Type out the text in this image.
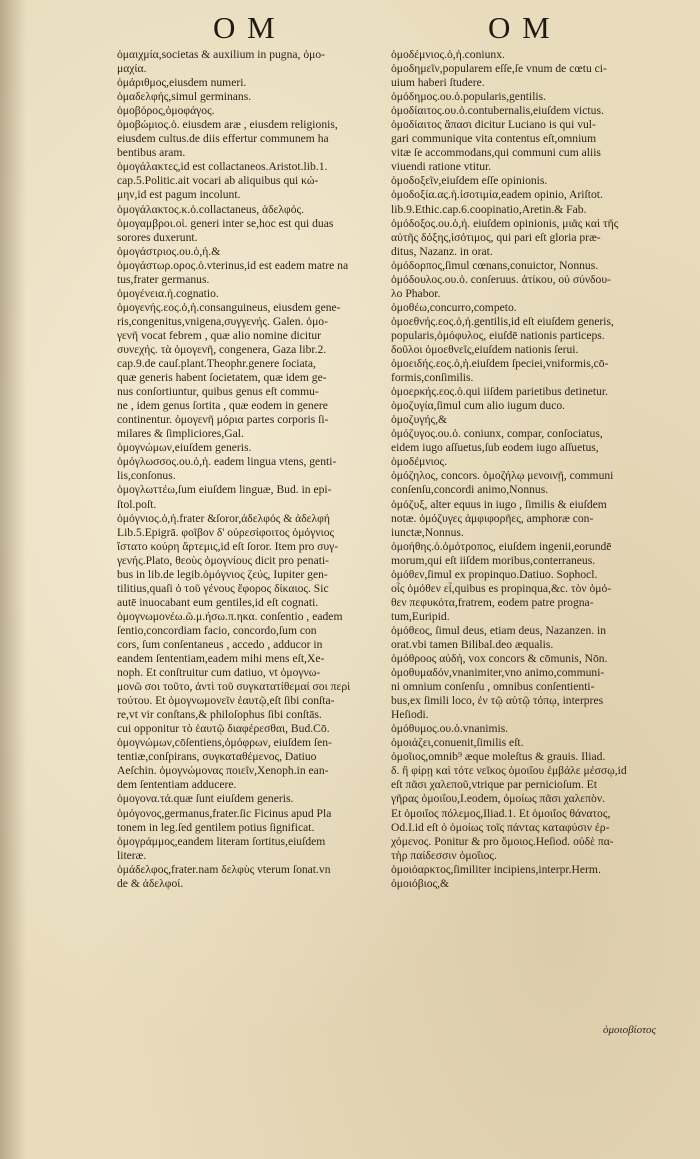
O M	O M
ὁμαιχμία,societas & auxilium in pugna, ὁμο-
μαχία.
ὁμάριθμος,eiusdem numeri.
ὁμαδελφής,simul germinans.
ὁμοβόρος,ὁμοφάγος.
ὁμοβώμιος.ὁ. eiusdem aræ , eiusdem religionis,
eiusdem cultus.de diis effertur communem ha
bentibus aram.
ὁμογάλακτες,id est collactaneos.Aristot.lib.1.
cap.5.Politic.ait vocari ab aliquibus qui κώ-
μην,id est pagum incolunt.
ὁμογάλακτος.κ.ὁ.collactaneus, ἀδελφός.
ὁμογαμβροι.οἱ. generi inter se,hoc est qui duas
sorores duxerunt.
ὁμογάστριος.ου.ὁ,ἡ.&
ὁμογάστωρ.ορος.ὁ.vterinus,id est eadem matre na
tus,frater germanus.
ὁμογένεια.ἡ.cognatio.
ὁμογενής.εος.ὁ,ἡ.consanguineus, eiusdem gene-
ris,congenitus,vnigena,συγγενής. Galen. ὁμο-
γενῆ vocat febrem , quæ alio nomine dicitur
συνεχής. τὰ ὁμογενῆ, congenera, Gaza libr.2.
cap.9.de cauſ.plant.Theophr.genere ſociata,
quæ generis habent ſocietatem, quæ idem ge-
nus conſortiuntur, quibus genus eſt commu-
ne , idem genus ſortita , quæ eodem in genere
continentur. ὁμογενῆ μόρια partes corporis ſi-
milares & ſimpliciores,Gal.
ὁμογνώμων,eiuſdem generis.
ὁμόγλωσσος.ου.ὁ,ἡ. eadem lingua vtens, genti-
lis,conſonus.
ὁμογλωττέω,ſum eiuſdem linguæ, Bud. in epi-
ſtol.poſt.
ὁμόγνιος.ὁ,ἡ.frater &ſoror,ἀδελφός & ἀδελφή
Lib.5.Epigrā. φοῖβον δ' οὐρεσίφοιτος ὁμόγνιος
ἵστατο κούρη ἄρτεμις,id eſt ſoror. Item pro συγ-
γενής.Plato, θεοὺς ὁμογνίους dicit pro penati-
bus in lib.de legib.ὁμόγνιος ζεύς, Iupiter gen-
tilitius,quaſi ὁ τοῦ γένους ἔφορος δίκαιος. Sic
autē inuocabant eum gentiles,id eſt cognati.
ὁμογνωμονέω.ῶ.μ.ήσω.π.ηκα. conſentio , eadem
ſentio,concordiam facio, concordo,ſum con
cors, ſum conſentaneus , accedo , adducor in
eandem ſententiam,eadem mihi mens eſt,Xe-
noph. Et conſtruitur cum datiuo, vt ὁμογνω-
μονῶ σοι τοῦτο, ἀντὶ τοῦ συγκατατίθεμαί σοι περὶ
τούτου. Et ὁμογνωμονεῖν ἑαυτῷ,eſt ſibi conſta-
re,vt vir conſtans,& philoſophus ſibi conſtās.
cui opponitur τὸ ἑαυτῷ διαφέρεσθαι, Bud.Cō.
ὁμογνώμων,cōſentiens,ὁμόφρων, eiuſdem ſen-
tentiæ,conſpirans, συγκαταθέμενος, Datiuo
Aeſchin. ὁμογνώμονας ποιεῖν,Xenoph.in ean-
dem ſententiam adducere.
ὁμογονα.τά.quæ ſunt eiuſdem generis.
ὁμόγονος,germanus,frater.ſic Ficinus apud Pla
tonem in leg.ſed gentilem potius ſignificat.
ὁμογράμμος,eandem literam ſortitus,eiuſdem
literæ.
ὁμάδελφος,frater.nam δελφὺς vterum ſonat.vn
de & ἀδελφοί.
ὁμοδέμνιος.ὁ,ἡ.coniunx.
ὁμοδημεῖν,popularem eſſe,ſe vnum de cœtu ci-
uium haberi ſtudere.
ὁμόδημος.ου.ὁ.popularis,gentilis.
ὁμοδίαιτος.ου.ὁ.contubernalis,eiuſdem victus.
ὁμοδίαιτος ἅπασι dicitur Luciano is qui vul-
gari communique vita contentus eſt,omnium
vitæ ſe accommodans,qui communi cum aliis
viuendi ratione vtitur.
ὁμοδοξεῖν,eiuſdem eſſe opinionis.
ὁμοδοξία.ας.ἡ.ἰσοτιμία,eadem opinio, Ariſtot.
lib.9.Ethic.cap.6.coopinatio,Aretin.& Fab.
ὁμόδοξος.ου.ὁ,ἡ. eiuſdem opinionis, μιᾶς καὶ τῆς
αὐτῆς δόξης,ἰσότιμος, qui pari eſt gloria præ-
ditus, Nazanz. in orat.
ὁμόδορπος,ſimul cœnans,conuictor, Nonnus.
ὁμόδουλος.ου.ὁ. conſeruus. ἀτίκου, οὐ σύνδου-
λο Phabor.
ὁμοθέω,concurro,competo.
ὁμοεθνής.εος.ὁ,ἡ.gentilis,id eſt eiuſdem generis,
popularis,ὁμόφυλος, eiuſdē nationis particeps.
δοῦλοι ὁμοεθνεῖς,eiuſdem nationis ſerui.
ὁμοειδής.εος.ὁ,ἡ.eiuſdem ſpeciei,vniformis,cō-
formis,conſimilis.
ὁμοερκής.εος.ὁ.qui iiſdem parietibus detinetur.
ὁμοζυγία,ſimul cum alio iugum duco.
ὁμοζυγής,&
ὁμόζυγος.ου.ὁ. coniunx, compar, conſociatus,
eidem iugo aſſuetus,ſub eodem iugo aſſuetus,
ὁμοδέμνιος.
ὁμόζηλος, concors. ὁμοζήλῳ μενοινῇ, communi
conſenſu,concordi animo,Nonnus.
ὁμόζυξ, alter equus in iugo , ſimilis & eiuſdem
notæ. ὁμόζυγες ἀμφιφορῆες, amphoræ con-
iunctæ,Nonnus.
ὁμοήθης.ὁ.ὁμότροπος, eiuſdem ingenii,eorundē
morum,qui eſt iiſdem moribus,conterraneus.
ὁμόθεν,ſimul ex propinquo.Datiuo. Sophocl.
οἷς ὁμόθεν εἶ,quibus es propinqua,&c. τὸν ὁμό-
θεν πεφυκότα,fratrem, eodem patre progna-
tum,Euripid.
ὁμόθεος, ſimul deus, etiam deus, Nazanzen. in
orat.vbi tamen Bilibal.deo æqualis.
ὁμόθροος αὐδή, vox concors & cōmunis, Nōn.
ὁμοθυμαδόν,vnanimiter,vno animo,communi-
ni omnium conſenſu , omnibus conſentienti-
bus,ex ſimili loco, ἐν τῷ αὐτῷ τόπῳ, interpres
Heſiodi.
ὁμόθυμος.ου.ὁ.vnanimis.
ὁμοιάζει,conuenit,ſimilis eſt.
ὁμοῖιος,omnib⁹ æque moleſtus & grauis. Iliad.
δ. ἢ φίρῃ καὶ τότε νεῖκος ὁμοιΐου ἐμβάλε μέσσῳ,id
eſt πᾶσι χαλεποῦ,vtrique par pernicioſum. Et
γῆρας ὁμοιΐου,I.eodem, ὁμοίως πᾶσι χαλεπὸν.
Et ὁμοιΐος πόλεμος,Iliad.1. Et ὁμοιΐος θάνατος,
Od.I.id eſt ὁ ὁμοίως τοῖς πάντας καταφύσιν ἐρ-
χόμενος. Ponitur & pro ὅμοιος.Heſiod. οὐδὲ πα-
τὴρ παίδεσσιν ὁμοΐιος.
ὁμοιόαρκτος,ſimiliter incipiens,interpr.Herm.
ὁμοιόβιος,&
ὁμοιοβίοτος
